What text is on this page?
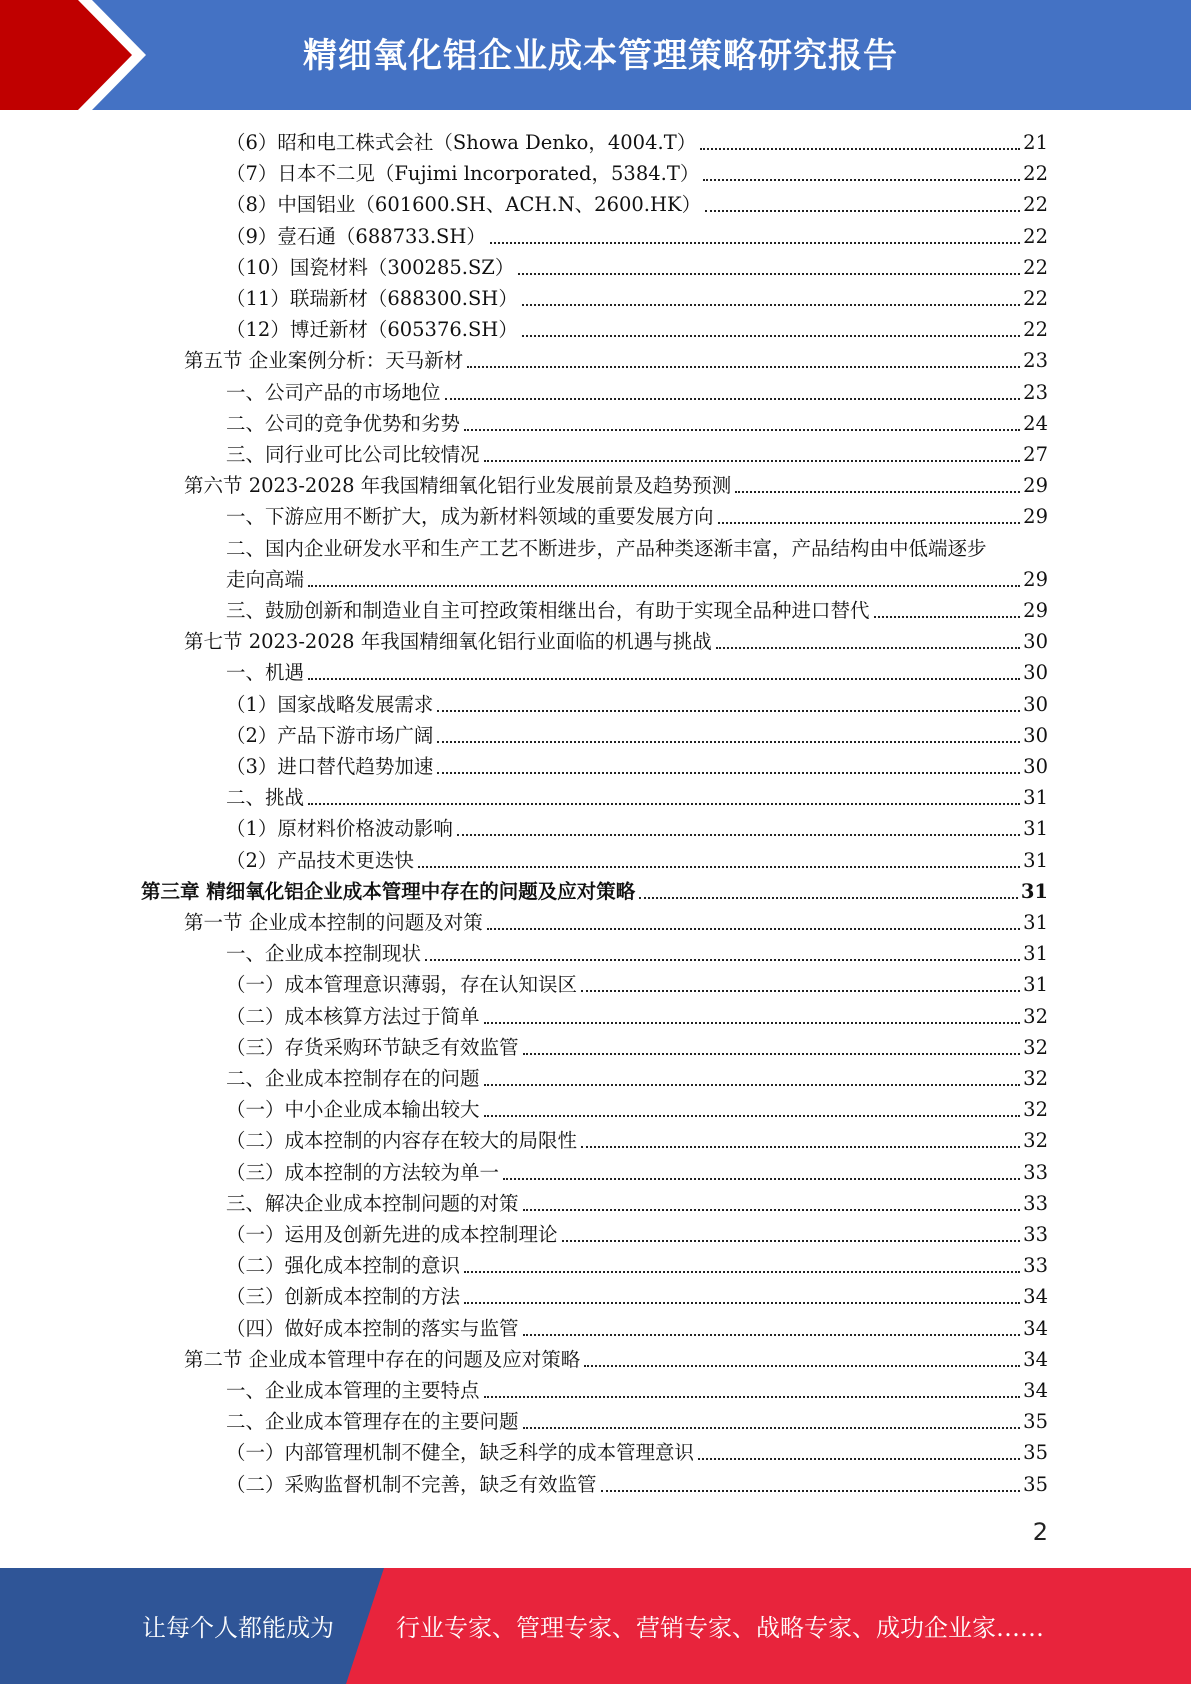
精细氧化铝企业成本管理策略研究报告
（6）昭和电工株式会社（Showa Denko，4004.T）	21
（7）日本不二见（Fujimi lncorporated，5384.T）	22
（8）中国铝业（601600.SH、ACH.N、2600.HK）	22
（9）壹石通（688733.SH）	22
（10）国瓷材料（300285.SZ）	22
（11）联瑞新材（688300.SH）	22
（12）博迁新材（605376.SH）	22
第五节 企业案例分析：天马新材	23
一、公司产品的市场地位	23
二、公司的竞争优势和劣势	24
三、同行业可比公司比较情况	27
第六节 2023-2028 年我国精细氧化铝行业发展前景及趋势预测	29
一、下游应用不断扩大，成为新材料领域的重要发展方向	29
二、国内企业研发水平和生产工艺不断进步，产品种类逐渐丰富，产品结构由中低端逐步
走向高端	29
三、鼓励创新和制造业自主可控政策相继出台，有助于实现全品种进口替代	29
第七节 2023-2028 年我国精细氧化铝行业面临的机遇与挑战	30
一、机遇	30
（1）国家战略发展需求	30
（2）产品下游市场广阔	30
（3）进口替代趋势加速	30
二、挑战	31
（1）原材料价格波动影响	31
（2）产品技术更迭快	31
第三章 精细氧化铝企业成本管理中存在的问题及应对策略	31
第一节 企业成本控制的问题及对策	31
一、企业成本控制现状	31
（一）成本管理意识薄弱，存在认知误区	31
（二）成本核算方法过于简单	32
（三）存货采购环节缺乏有效监管	32
二、企业成本控制存在的问题	32
（一）中小企业成本输出较大	32
（二）成本控制的内容存在较大的局限性	32
（三）成本控制的方法较为单一	33
三、解决企业成本控制问题的对策	33
（一）运用及创新先进的成本控制理论	33
（二）强化成本控制的意识	33
（三）创新成本控制的方法	34
（四）做好成本控制的落实与监管	34
第二节 企业成本管理中存在的问题及应对策略	34
一、企业成本管理的主要特点	34
二、企业成本管理存在的主要问题	35
（一）内部管理机制不健全，缺乏科学的成本管理意识	35
（二）采购监督机制不完善，缺乏有效监管	35
2
让每个人都能成为	行业专家、管理专家、营销专家、战略专家、成功企业家……
